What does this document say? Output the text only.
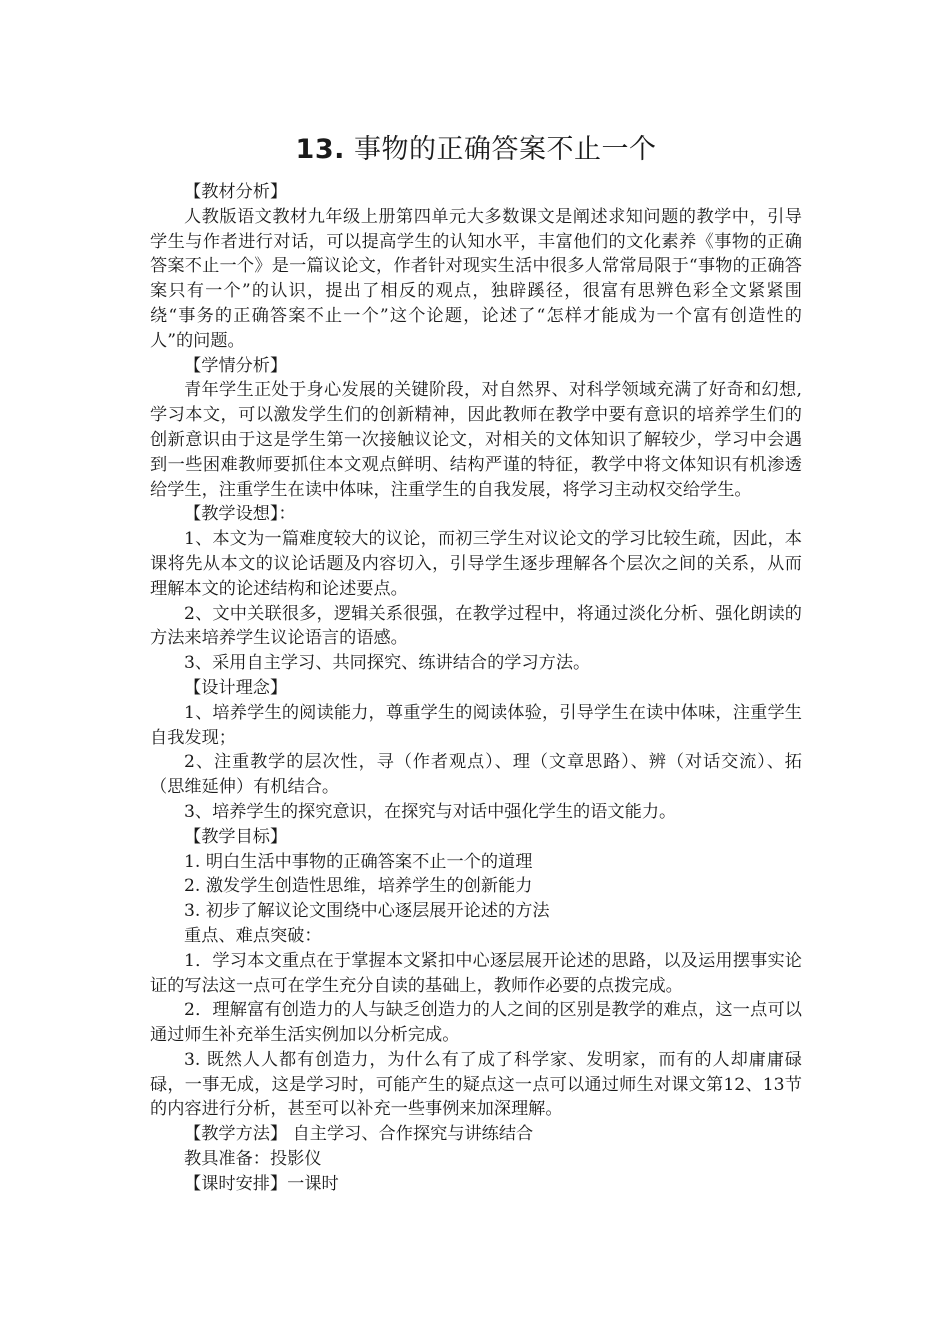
13. 事物的正确答案不止一个

【教材分析】

人教版语文教材九年级上册第四单元大多数课文是阐述求知问题的教学中，引导学生与作者进行对话，可以提高学生的认知水平，丰富他们的文化素养《事物的正确答案不止一个》是一篇议论文，作者针对现实生活中很多人常常局限于“事物的正确答案只有一个”的认识，提出了相反的观点，独辟蹊径，很富有思辨色彩全文紧紧围绕“事务的正确答案不止一个”这个论题，论述了“怎样才能成为一个富有创造性的人”的问题。

【学情分析】

青年学生正处于身心发展的关键阶段，对自然界、对科学领域充满了好奇和幻想,学习本文，可以激发学生们的创新精神，因此教师在教学中要有意识的培养学生们的创新意识由于这是学生第一次接触议论文，对相关的文体知识了解较少，学习中会遇到一些困难教师要抓住本文观点鲜明、结构严谨的特征，教学中将文体知识有机渗透给学生，注重学生在读中体味，注重学生的自我发展，将学习主动权交给学生。

【教学设想】：

1、本文为一篇难度较大的议论，而初三学生对议论文的学习比较生疏，因此，本课将先从本文的议论话题及内容切入，引导学生逐步理解各个层次之间的关系，从而理解本文的论述结构和论述要点。

2、文中关联很多，逻辑关系很强，在教学过程中，将通过淡化分析、强化朗读的方法来培养学生议论语言的语感。

3、采用自主学习、共同探究、练讲结合的学习方法。

【设计理念】

1、培养学生的阅读能力，尊重学生的阅读体验，引导学生在读中体味，注重学生自我发现；

2、注重教学的层次性，寻（作者观点）、理（文章思路）、辨（对话交流）、拓（思维延伸）有机结合。

3、培养学生的探究意识，在探究与对话中强化学生的语文能力。

【教学目标】

1. 明白生活中事物的正确答案不止一个的道理

2. 激发学生创造性思维，培养学生的创新能力

3. 初步了解议论文围绕中心逐层展开论述的方法

重点、难点突破：

1．学习本文重点在于掌握本文紧扣中心逐层展开论述的思路，以及运用摆事实论证的写法这一点可在学生充分自读的基础上，教师作必要的点拨完成。

2．理解富有创造力的人与缺乏创造力的人之间的区别是教学的难点，这一点可以通过师生补充举生活实例加以分析完成。

3. 既然人人都有创造力，为什么有了成了科学家、发明家，而有的人却庸庸碌碌，一事无成，这是学习时，可能产生的疑点这一点可以通过师生对课文第12、13节的内容进行分析，甚至可以补充一些事例来加深理解。

【教学方法】 自主学习、合作探究与讲练结合

教具准备：投影仪

【课时安排】一课时
